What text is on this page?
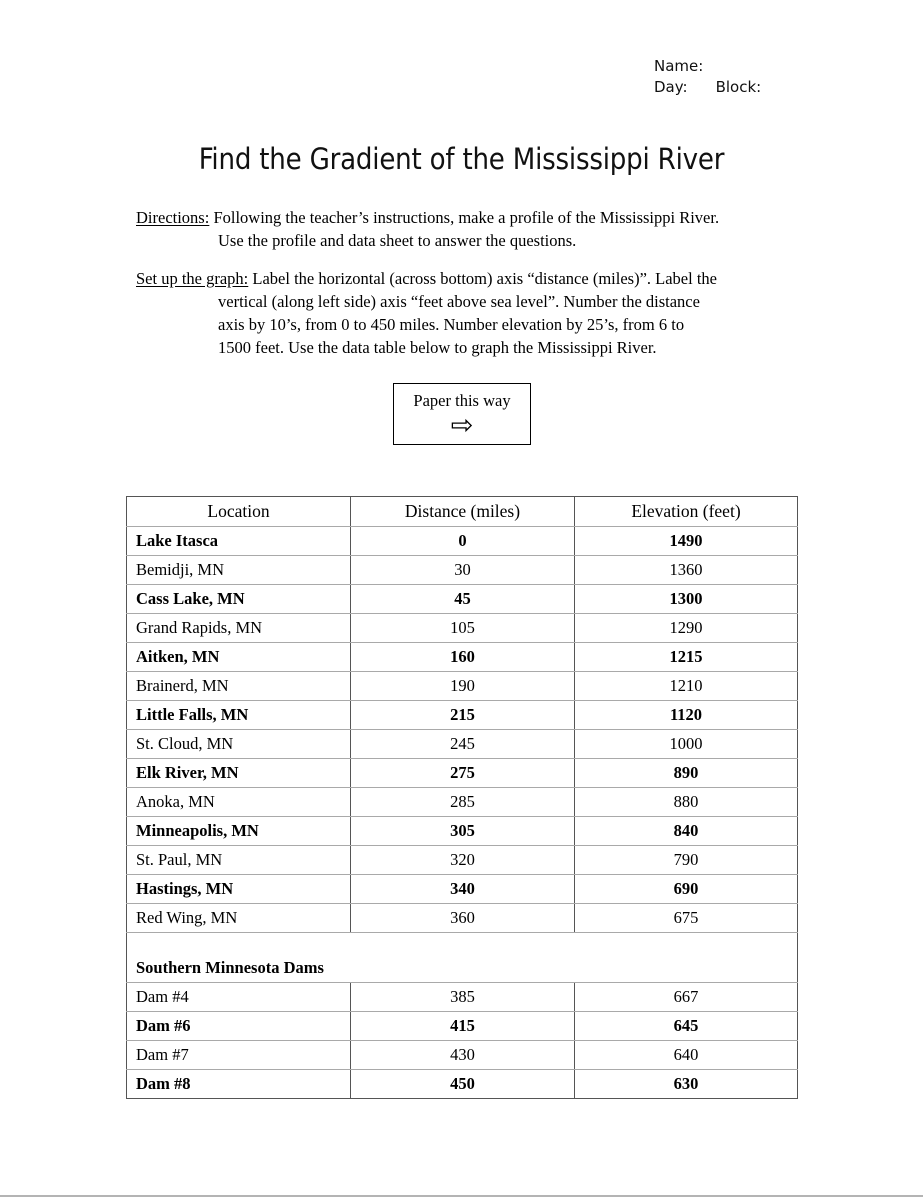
Name:
Day: Block:
Find the Gradient of the Mississippi River
Directions: Following the teacher’s instructions, make a profile of the Mississippi River.
Use the profile and data sheet to answer the questions.
Set up the graph: Label the horizontal (across bottom) axis “distance (miles)”. Label the
vertical (along left side) axis “feet above sea level”. Number the distance
axis by 10’s, from 0 to 450 miles. Number elevation by 25’s, from 6 to
1500 feet. Use the data table below to graph the Mississippi River.
Paper this way
⇨
Location	Distance (miles)	Elevation (feet)
Lake Itasca	0	1490
Bemidji, MN	30	1360
Cass Lake, MN	45	1300
Grand Rapids, MN	105	1290
Aitken, MN	160	1215
Brainerd, MN	190	1210
Little Falls, MN	215	1120
St. Cloud, MN	245	1000
Elk River, MN	275	890
Anoka, MN	285	880
Minneapolis, MN	305	840
St. Paul, MN	320	790
Hastings, MN	340	690
Red Wing, MN	360	675
Southern Minnesota Dams		
Dam #4	385	667
Dam #6	415	645
Dam #7	430	640
Dam #8	450	630
